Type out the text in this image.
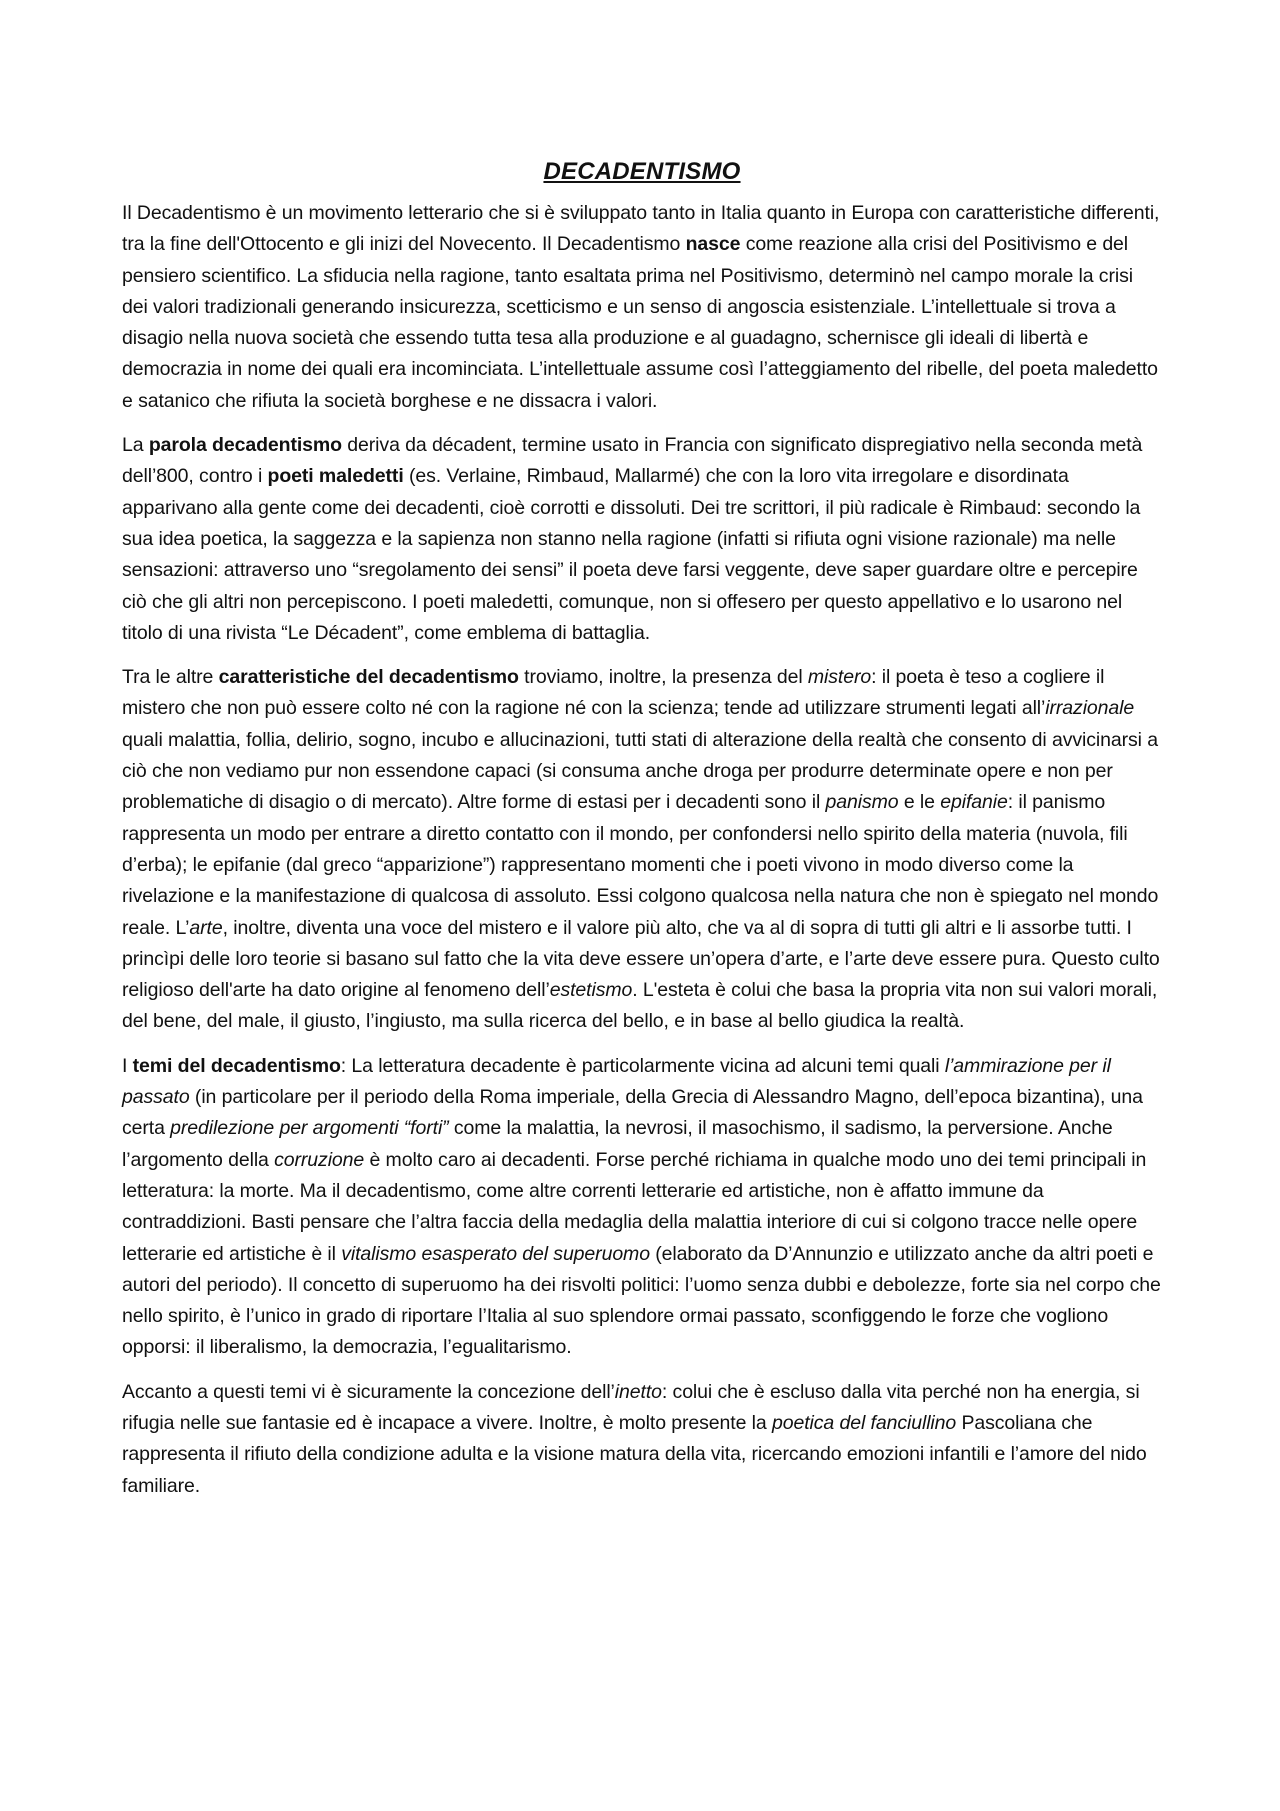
DECADENTISMO

Il Decadentismo è un movimento letterario che si è sviluppato tanto in Italia quanto in Europa con caratteristiche differenti, tra la fine dell'Ottocento e gli inizi del Novecento. Il Decadentismo nasce come reazione alla crisi del Positivismo e del pensiero scientifico. La sfiducia nella ragione, tanto esaltata prima nel Positivismo, determinò nel campo morale la crisi dei valori tradizionali generando insicurezza, scetticismo e un senso di angoscia esistenziale. L’intellettuale si trova a disagio nella nuova società che essendo tutta tesa alla produzione e al guadagno, schernisce gli ideali di libertà e democrazia in nome dei quali era incominciata. L’intellettuale assume così l’atteggiamento del ribelle, del poeta maledetto e satanico che rifiuta la società borghese e ne dissacra i valori.

La parola decadentismo deriva da décadent, termine usato in Francia con significato dispregiativo nella seconda metà dell’800, contro i poeti maledetti (es. Verlaine, Rimbaud, Mallarmé) che con la loro vita irregolare e disordinata apparivano alla gente come dei decadenti, cioè corrotti e dissoluti. Dei tre scrittori, il più radicale è Rimbaud: secondo la sua idea poetica, la saggezza e la sapienza non stanno nella ragione (infatti si rifiuta ogni visione razionale) ma nelle sensazioni: attraverso uno “sregolamento dei sensi” il poeta deve farsi veggente, deve saper guardare oltre e percepire ciò che gli altri non percepiscono. I poeti maledetti, comunque, non si offesero per questo appellativo e lo usarono nel titolo di una rivista “Le Décadent”, come emblema di battaglia.

Tra le altre caratteristiche del decadentismo troviamo, inoltre, la presenza del mistero: il poeta è teso a cogliere il mistero che non può essere colto né con la ragione né con la scienza; tende ad utilizzare strumenti legati all’irrazionale quali malattia, follia, delirio, sogno, incubo e allucinazioni, tutti stati di alterazione della realtà che consento di avvicinarsi a ciò che non vediamo pur non essendone capaci (si consuma anche droga per produrre determinate opere e non per problematiche di disagio o di mercato). Altre forme di estasi per i decadenti sono il panismo e le epifanie: il panismo rappresenta un modo per entrare a diretto contatto con il mondo, per confondersi nello spirito della materia (nuvola, fili d’erba); le epifanie (dal greco “apparizione”) rappresentano momenti che i poeti vivono in modo diverso come la rivelazione e la manifestazione di qualcosa di assoluto. Essi colgono qualcosa nella natura che non è spiegato nel mondo reale. L’arte, inoltre, diventa una voce del mistero e il valore più alto, che va al di sopra di tutti gli altri e li assorbe tutti. I princìpi delle loro teorie si basano sul fatto che la vita deve essere un’opera d’arte, e l’arte deve essere pura. Questo culto religioso dell'arte ha dato origine al fenomeno dell’estetismo. L'esteta è colui che basa la propria vita non sui valori morali, del bene, del male, il giusto, l’ingiusto, ma sulla ricerca del bello, e in base al bello giudica la realtà.

I temi del decadentismo: La letteratura decadente è particolarmente vicina ad alcuni temi quali l’ammirazione per il passato (in particolare per il periodo della Roma imperiale, della Grecia di Alessandro Magno, dell’epoca bizantina), una certa predilezione per argomenti “forti” come la malattia, la nevrosi, il masochismo, il sadismo, la perversione. Anche l’argomento della corruzione è molto caro ai decadenti. Forse perché richiama in qualche modo uno dei temi principali in letteratura: la morte. Ma il decadentismo, come altre correnti letterarie ed artistiche, non è affatto immune da contraddizioni. Basti pensare che l’altra faccia della medaglia della malattia interiore di cui si colgono tracce nelle opere letterarie ed artistiche è il vitalismo esasperato del superuomo (elaborato da D’Annunzio e utilizzato anche da altri poeti e autori del periodo). Il concetto di superuomo ha dei risvolti politici: l’uomo senza dubbi e debolezze, forte sia nel corpo che nello spirito, è l’unico in grado di riportare l’Italia al suo splendore ormai passato, sconfiggendo le forze che vogliono opporsi: il liberalismo, la democrazia, l’egualitarismo.

Accanto a questi temi vi è sicuramente la concezione dell’inetto: colui che è escluso dalla vita perché non ha energia, si rifugia nelle sue fantasie ed è incapace a vivere. Inoltre, è molto presente la poetica del fanciullino Pascoliana che rappresenta il rifiuto della condizione adulta e la visione matura della vita, ricercando emozioni infantili e l’amore del nido familiare.
